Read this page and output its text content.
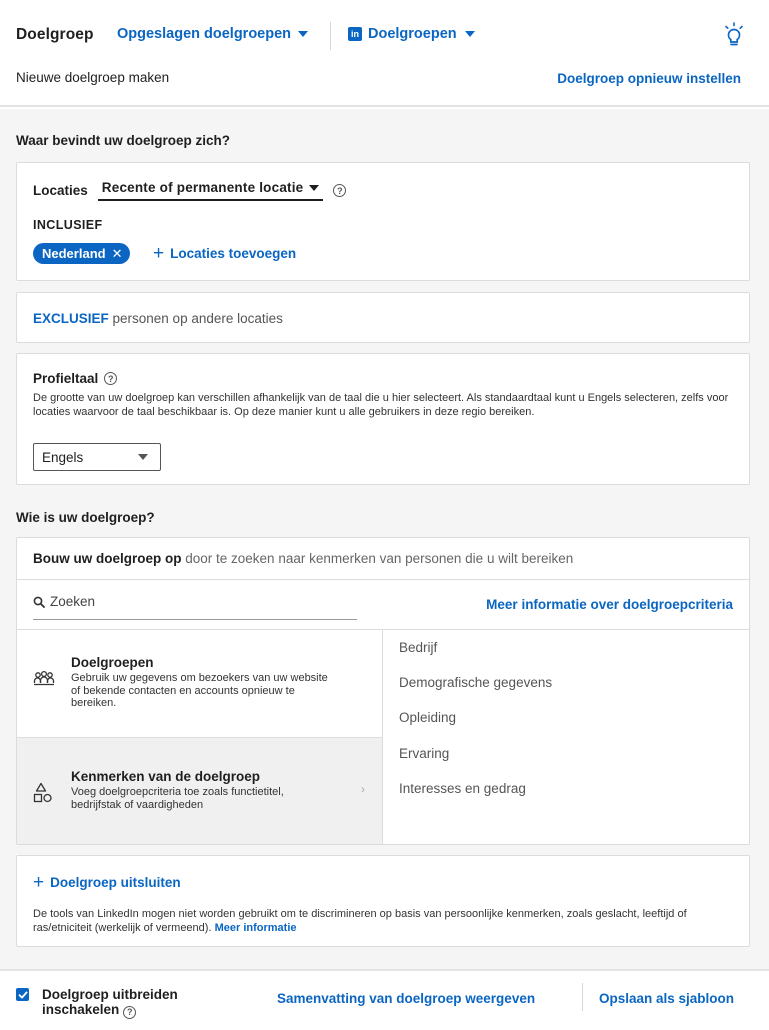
Doelgroep Opgeslagen doelgroepen	in Doelgroepen
Nieuwe doelgroep maken	Doelgroep opnieuw instellen
Waar bevindt uw doelgroep zich?
Locaties Recente of permanente locatie	?
INCLUSIEF
Nederland ✕ + Locaties toevoegen
EXCLUSIEF personen op andere locaties
Profieltaal	?
De grootte van uw doelgroep kan verschillen afhankelijk van de taal die u hier selecteert. Als standaardtaal kunt u Engels selecteren, zelfs voor locaties waarvoor de taal beschikbaar is. Op deze manier kunt u alle gebruikers in deze regio bereiken.
Engels
Wie is uw doelgroep?
Bouw uw doelgroep op door te zoeken naar kenmerken van personen die u wilt bereiken
Zoeken	Meer informatie over doelgroepcriteria
Doelgroepen
Gebruik uw gegevens om bezoekers van uw website of bekende contacten en accounts opnieuw te bereiken.
Kenmerken van de doelgroep
Voeg doelgroepcriteria toe zoals functietitel, bedrijfstak of vaardigheden
›
Bedrijf
Demografische gegevens
Opleiding
Ervaring
Interesses en gedrag
+ Doelgroep uitsluiten
De tools van LinkedIn mogen niet worden gebruikt om te discrimineren op basis van persoonlijke kenmerken, zoals geslacht, leeftijd of ras/etniciteit (werkelijk of vermeend). Meer informatie
Doelgroep uitbreiden
inschakelen ?
Samenvatting van doelgroep weergeven	Opslaan als sjabloon
